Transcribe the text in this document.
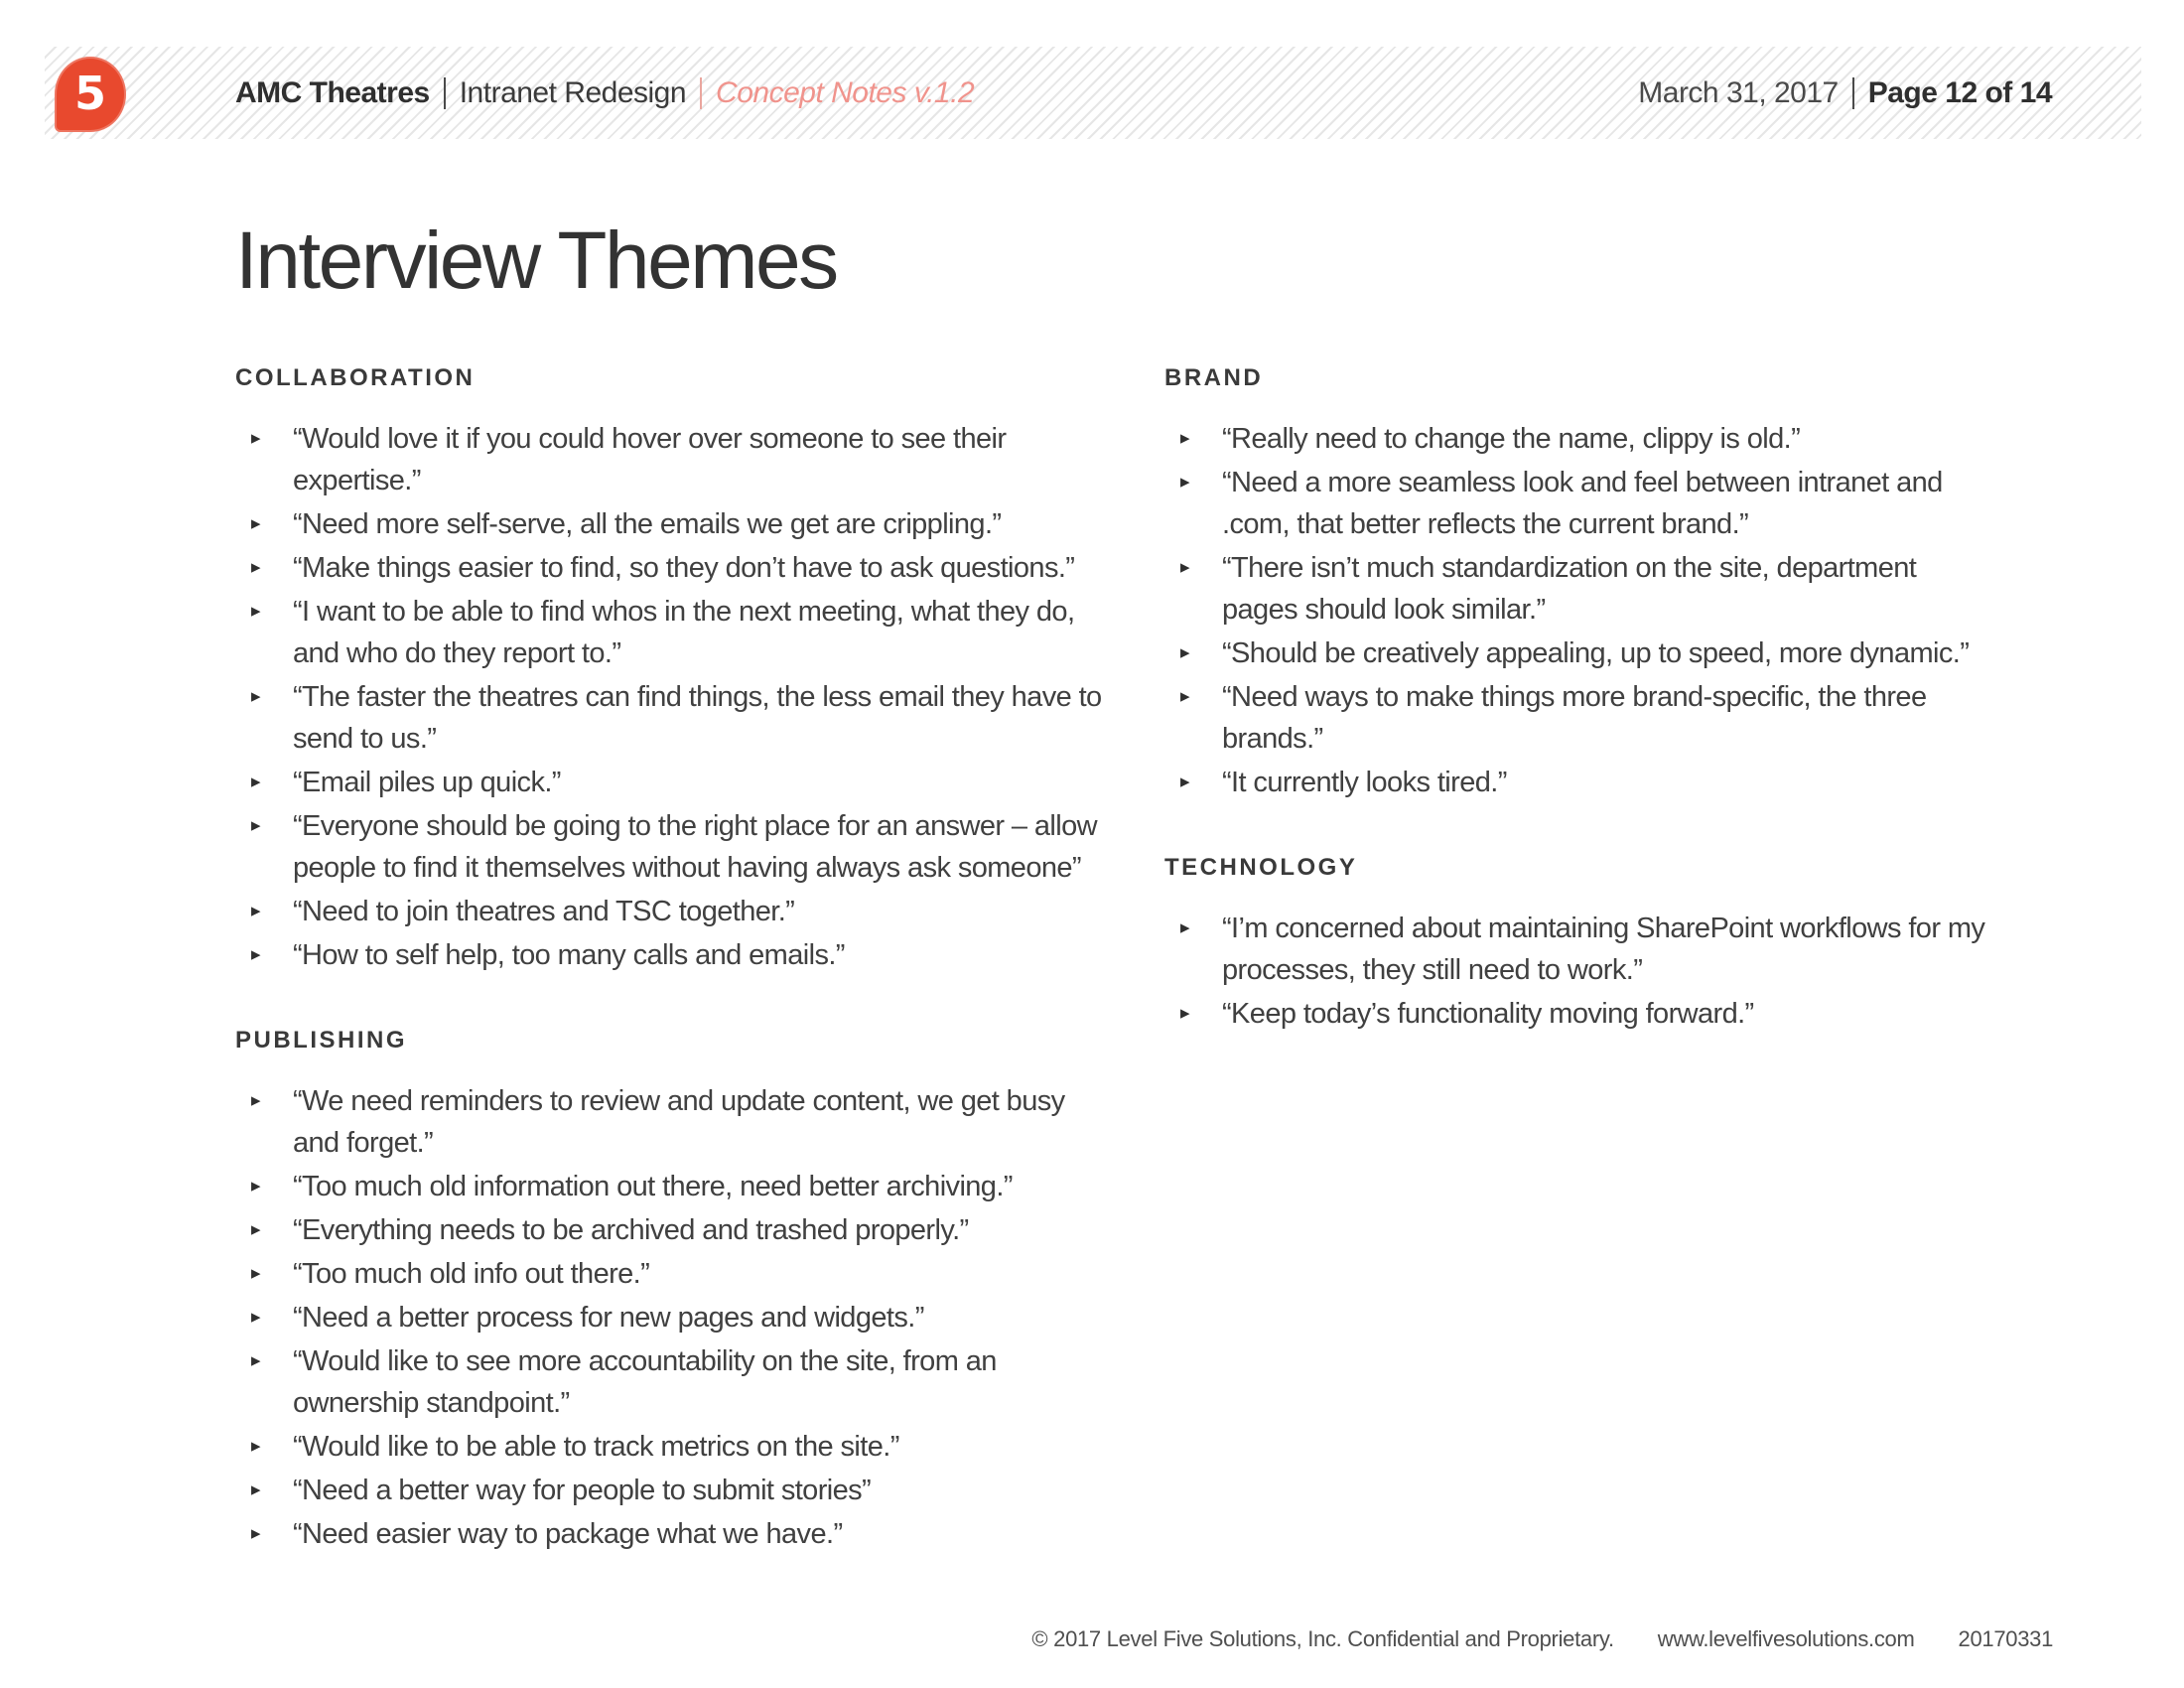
5	AMC Theatres Intranet Redesign Concept Notes v.1.2	March 31, 2017 Page 12 of 14
Interview Themes
COLLABORATION
▸ “Would love it if you could hover over someone to see their expertise.”
▸ “Need more self-serve, all the emails we get are crippling.”
▸ “Make things easier to find, so they don’t have to ask questions.”
▸ “I want to be able to find whos in the next meeting, what they do, and who do they report to.”
▸ “The faster the theatres can find things, the less email they have to send to us.”
▸ “Email piles up quick.”
▸ “Everyone should be going to the right place for an answer – allow people to find it themselves without having always ask someone”
▸ “Need to join theatres and TSC together.”
▸ “How to self help, too many calls and emails.”
PUBLISHING
▸ “We need reminders to review and update content, we get busy and forget.”
▸ “Too much old information out there, need better archiving.”
▸ “Everything needs to be archived and trashed properly.”
▸ “Too much old info out there.”
▸ “Need a better process for new pages and widgets.”
▸ “Would like to see more accountability on the site, from an ownership standpoint.”
▸ “Would like to be able to track metrics on the site.”
▸ “Need a better way for people to submit stories”
▸ “Need easier way to package what we have.”
BRAND
▸ “Really need to change the name, clippy is old.”
▸ “Need a more seamless look and feel between intranet and .com, that better reflects the current brand.”
▸ “There isn’t much standardization on the site, department pages should look similar.”
▸ “Should be creatively appealing, up to speed, more dynamic.”
▸ “Need ways to make things more brand-specific, the three brands.”
▸ “It currently looks tired.”
TECHNOLOGY
▸ “I’m concerned about maintaining SharePoint workflows for my processes, they still need to work.”
▸ “Keep today’s functionality moving forward.”
© 2017 Level Five Solutions, Inc. Confidential and Proprietary. www.levelfivesolutions.com 20170331
